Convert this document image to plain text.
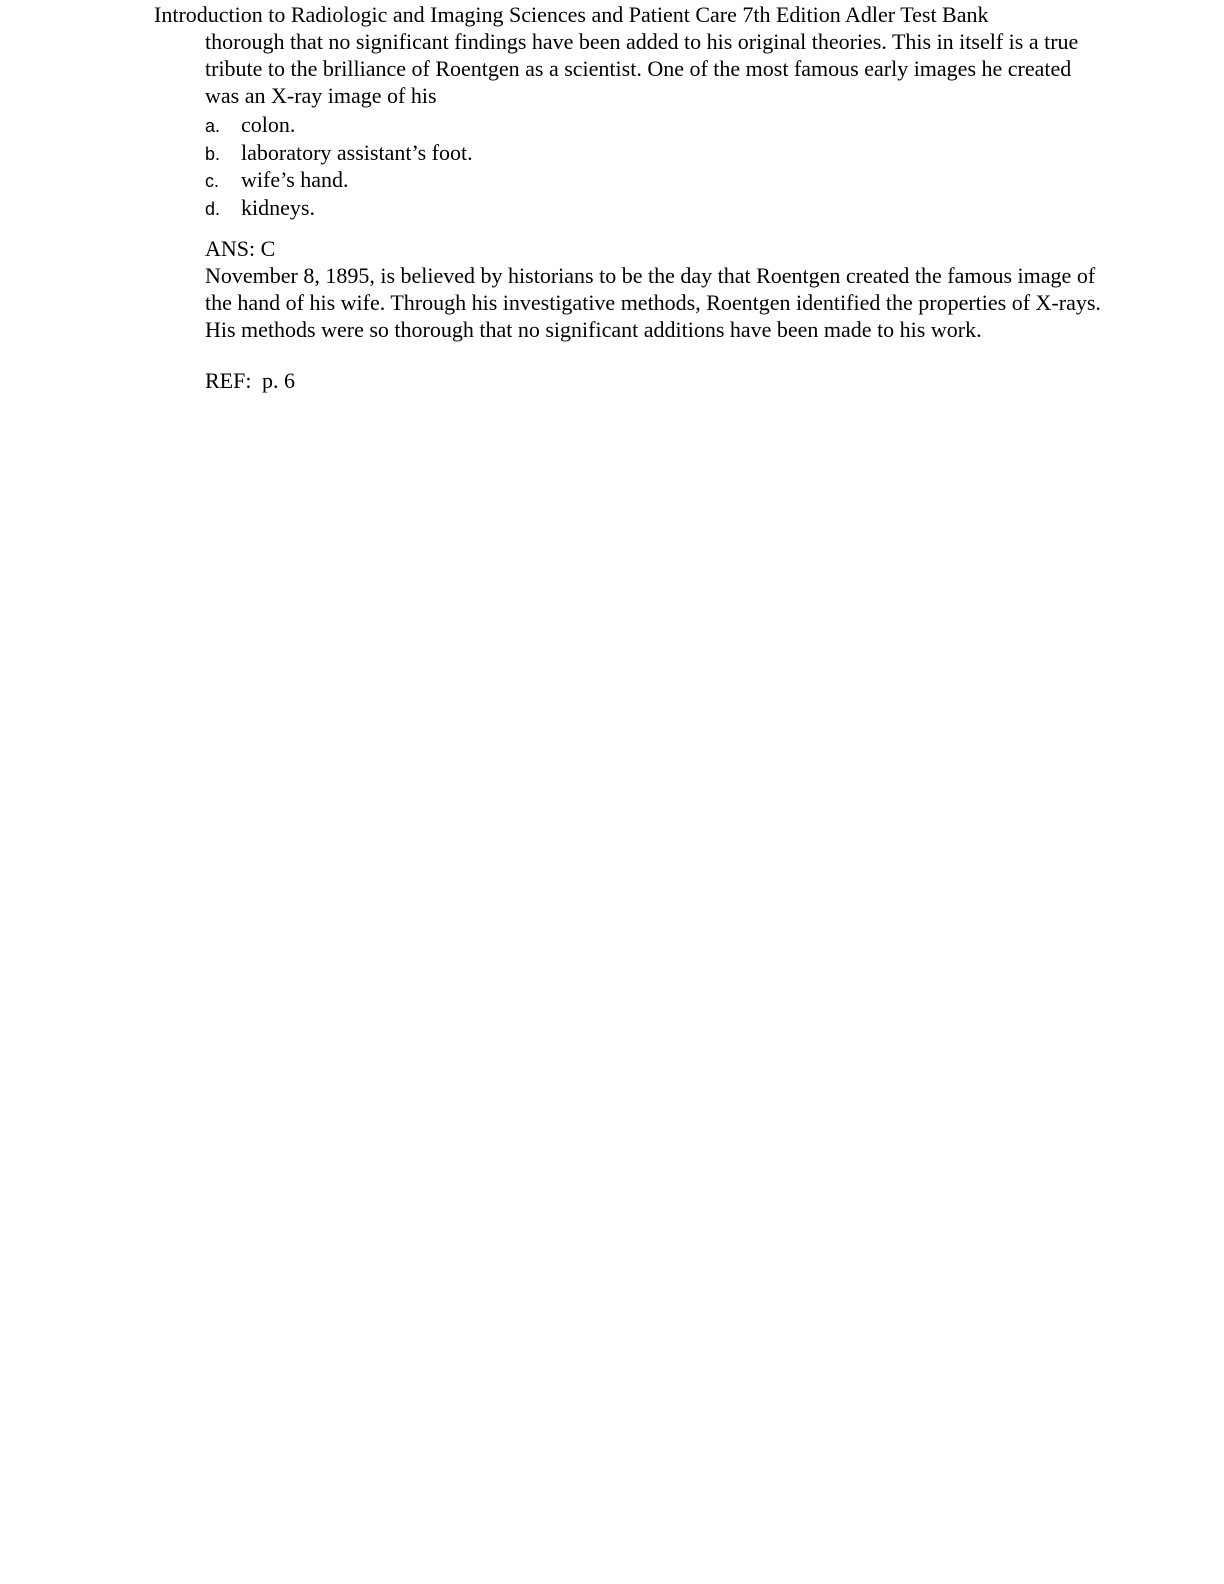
Introduction to Radiologic and Imaging Sciences and Patient Care 7th Edition Adler Test Bank

thorough that no significant findings have been added to his original theories. This in itself is a true tribute to the brilliance of Roentgen as a scientist. One of the most famous early images he created was an X-ray image of his

a. colon.
b. laboratory assistant’s foot.
c. wife’s hand.
d. kidneys.

ANS: C

November 8, 1895, is believed by historians to be the day that Roentgen created the famous image of the hand of his wife. Through his investigative methods, Roentgen identified the properties of X-rays. His methods were so thorough that no significant additions have been made to his work.

REF: p. 6
